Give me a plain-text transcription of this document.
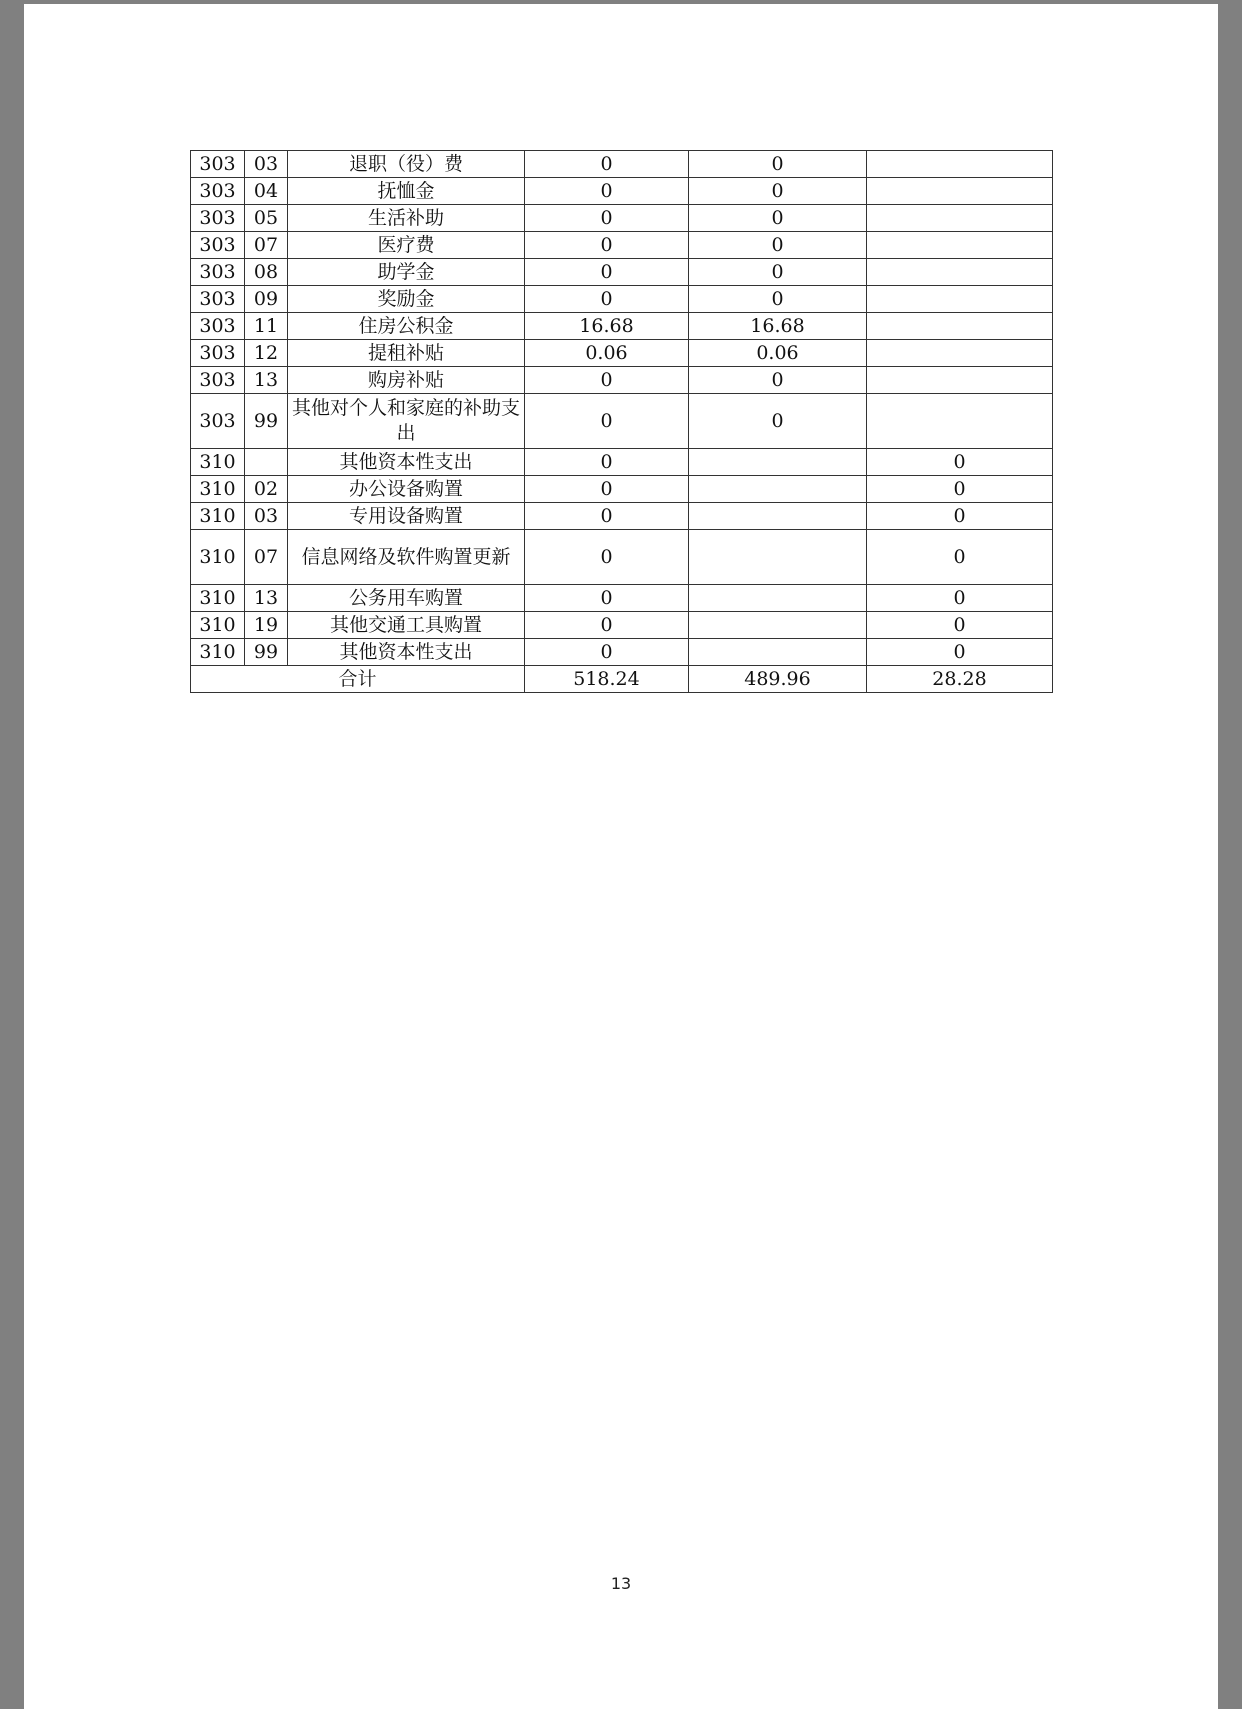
303	03	退职（役）费	0	0	
303	04	抚恤金	0	0	
303	05	生活补助	0	0	
303	07	医疗费	0	0	
303	08	助学金	0	0	
303	09	奖励金	0	0	
303	11	住房公积金	16.68	16.68	
303	12	提租补贴	0.06	0.06	
303	13	购房补贴	0	0	
303	99	其他对个人和家庭的补助支出	0	0	
310		其他资本性支出	0		0
310	02	办公设备购置	0		0
310	03	专用设备购置	0		0
310	07	信息网络及软件购置更新	0		0
310	13	公务用车购置	0		0
310	19	其他交通工具购置	0		0
310	99	其他资本性支出	0		0
合计			518.24	489.96	28.28
13
